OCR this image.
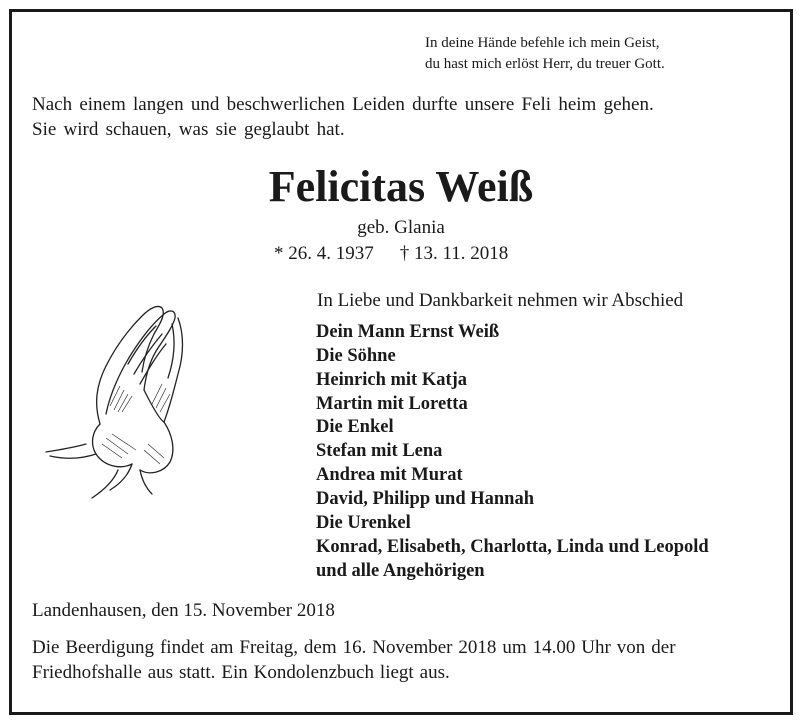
In deine Hände befehle ich mein Geist,
du hast mich erlöst Herr, du treuer Gott.
Nach einem langen und beschwerlichen Leiden durfte unsere Feli heim gehen.
Sie wird schauen, was sie geglaubt hat.
Felicitas Weiß
geb. Glania
* 26. 4. 1937 † 13. 11. 2018
In Liebe und Dankbarkeit nehmen wir Abschied
Dein Mann Ernst Weiß
Die Söhne
Heinrich mit Katja
Martin mit Loretta
Die Enkel
Stefan mit Lena
Andrea mit Murat
David, Philipp und Hannah
Die Urenkel
Konrad, Elisabeth, Charlotta, Linda und Leopold
und alle Angehörigen
Landenhausen, den 15. November 2018
Die Beerdigung findet am Freitag, dem 16. November 2018 um 14.00 Uhr von der
Friedhofshalle aus statt. Ein Kondolenzbuch liegt aus.
